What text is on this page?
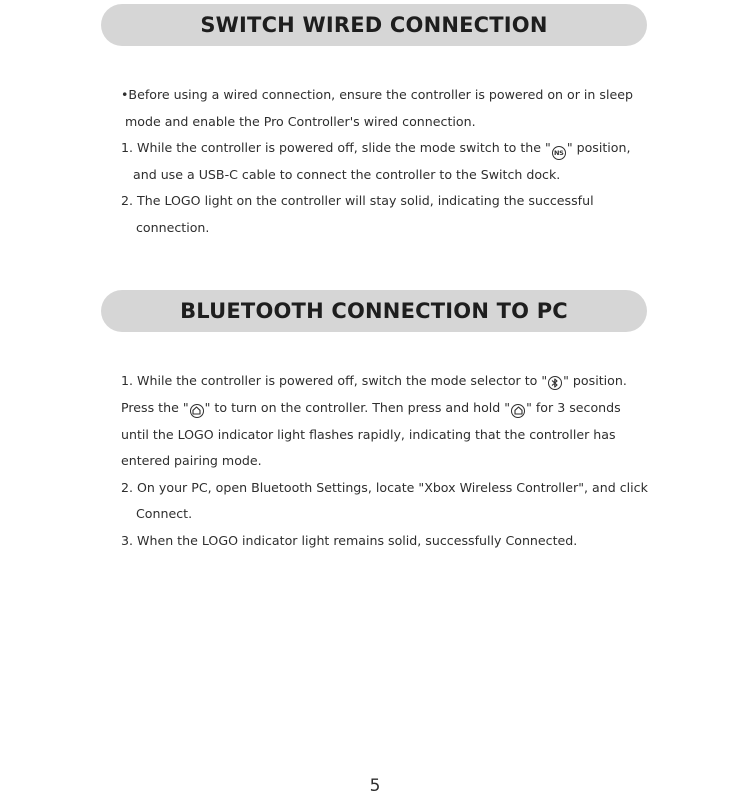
SWITCH WIRED CONNECTION
•Before using a wired connection, ensure the controller is powered on or in sleep
mode and enable the Pro Controller's wired connection.
1. While the controller is powered off, slide the mode switch to the " NS " position,
and use a USB-C cable to connect the controller to the Switch dock.
2. The LOGO light on the controller will stay solid, indicating the successful
connection.
BLUETOOTH CONNECTION TO PC
1. While the controller is powered off, switch the mode selector to " " position.
Press the " " to turn on the controller. Then press and hold " " for 3 seconds
until the LOGO indicator light flashes rapidly, indicating that the controller has
entered pairing mode.
2. On your PC, open Bluetooth Settings, locate "Xbox Wireless Controller", and click
Connect.
3. When the LOGO indicator light remains solid, successfully Connected.
5
